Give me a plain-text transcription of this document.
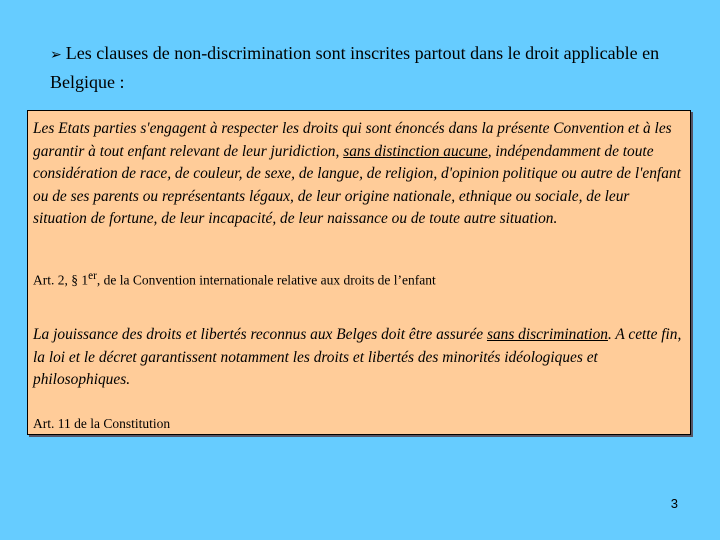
➢ Les clauses de non-discrimination sont inscrites partout dans le droit applicable en Belgique :

Les Etats parties s'engagent à respecter les droits qui sont énoncés dans la présente Convention et à les garantir à tout enfant relevant de leur juridiction, sans distinction aucune, indépendamment de toute considération de race, de couleur, de sexe, de langue, de religion, d'opinion politique ou autre de l'enfant ou de ses parents ou représentants légaux, de leur origine nationale, ethnique ou sociale, de leur situation de fortune, de leur incapacité, de leur naissance ou de toute autre situation.

Art. 2, § 1er, de la Convention internationale relative aux droits de l’enfant

La jouissance des droits et libertés reconnus aux Belges doit être assurée sans discrimination. A cette fin, la loi et le décret garantissent notamment les droits et libertés des minorités idéologiques et philosophiques.

Art. 11 de la Constitution

3
